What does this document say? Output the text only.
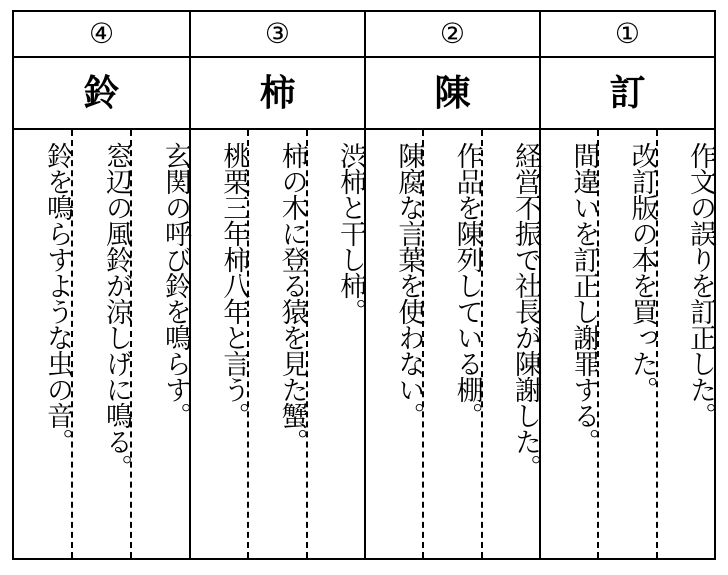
④
鈴
玄関の呼び鈴を鳴らす。
窓辺の風鈴が涼しげに鳴る。
鈴を鳴らすような虫の音。
③
柿
渋柿と干し柿。
柿の木に登る猿を見た蟹。
桃栗三年柿八年と言う。
②
陳
経営不振で社長が陳謝した。
作品を陳列している棚。
陳腐な言葉を使わない。
①
訂
作文の誤りを訂正した。
改訂版の本を買った。
間違いを訂正し謝罪する。
